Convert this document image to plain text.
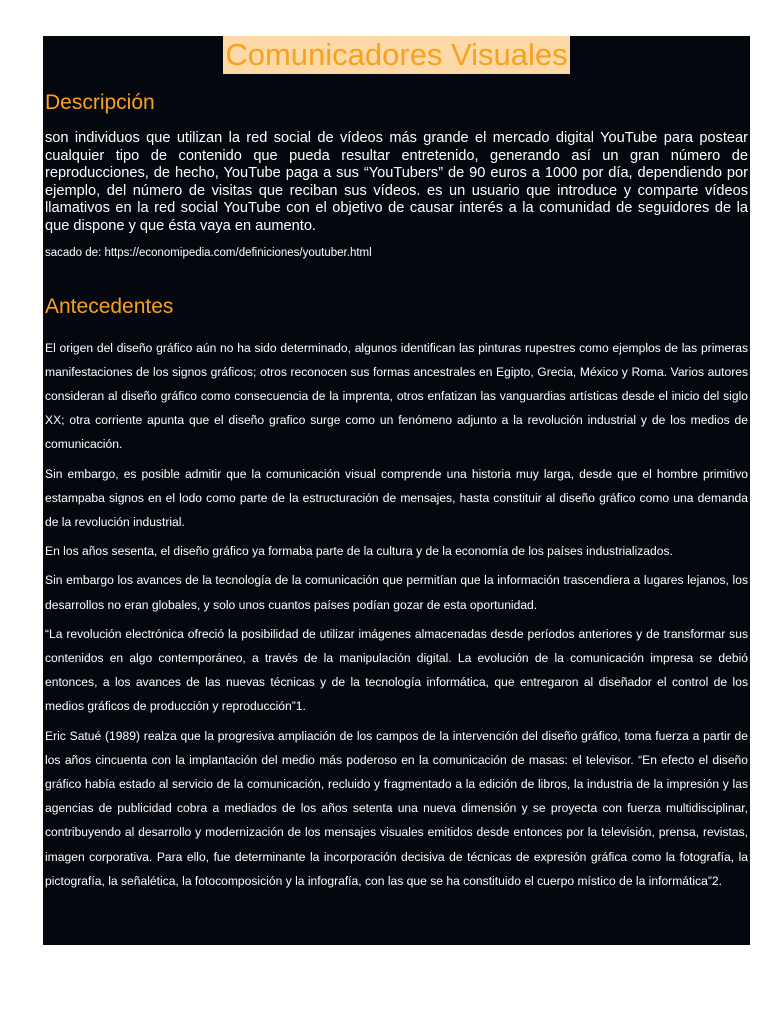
Comunicadores Visuales
Descripción

son individuos que utilizan la red social de vídeos más grande el mercado digital YouTube para postear cualquier tipo de contenido que pueda resultar entretenido, generando así un gran número de reproducciones, de hecho, YouTube paga a sus “YouTubers” de 90 euros a 1000 por día, dependiendo por ejemplo, del número de visitas que reciban sus vídeos. es un usuario que introduce y comparte vídeos llamativos en la red social YouTube con el objetivo de causar interés a la comunidad de seguidores de la que dispone y que ésta vaya en aumento.

sacado de: https://economipedia.com/definiciones/youtuber.html

Antecedentes

El origen del diseño gráfico aún no ha sido determinado, algunos identifican las pinturas rupestres como ejemplos de las primeras manifestaciones de los signos gráficos; otros reconocen sus formas ancestrales en Egipto, Grecia, México y Roma. Varios autores consideran al diseño gráfico como consecuencia de la imprenta, otros enfatizan las vanguardias artísticas desde el inicio del siglo XX; otra corriente apunta que el diseño grafico surge como un fenómeno adjunto a la revolución industrial y de los medios de comunicación.

Sin embargo, es posible admitir que la comunicación visual comprende una historia muy larga, desde que el hombre primitivo estampaba signos en el lodo como parte de la estructuración de mensajes, hasta constituir al diseño gráfico como una demanda de la revolución industrial.

En los años sesenta, el diseño gráfico ya formaba parte de la cultura y de la economía de los países industrializados.

Sin embargo los avances de la tecnología de la comunicación que permitían que la información trascendiera a lugares lejanos, los desarrollos no eran globales, y solo unos cuantos países podían gozar de esta oportunidad.

“La revolución electrónica ofreció la posibilidad de utilizar imágenes almacenadas desde períodos anteriores y de transformar sus contenidos en algo contemporáneo, a través de la manipulación digital. La evolución de la comunicación impresa se debió entonces, a los avances de las nuevas técnicas y de la tecnología informática, que entregaron al diseñador el control de los medios gráficos de producción y reproducción”1.

Eric Satué (1989) realza que la progresiva ampliación de los campos de la intervención del diseño gráfico, toma fuerza a partir de los años cincuenta con la implantación del medio más poderoso en la comunicación de masas: el televisor. “En efecto el diseño gráfico había estado al servicio de la comunicación, recluido y fragmentado a la edición de libros, la industria de la impresión y las agencias de publicidad cobra a mediados de los años setenta una nueva dimensión y se proyecta con fuerza multidisciplinar, contribuyendo al desarrollo y modernización de los mensajes visuales emitidos desde entonces por la televisión, prensa, revistas, imagen corporativa. Para ello, fue determinante la incorporación decisiva de técnicas de expresión gráfica como la fotografía, la pictografía, la señalética, la fotocomposición y la infografía, con las que se ha constituido el cuerpo místico de la informática”2.
